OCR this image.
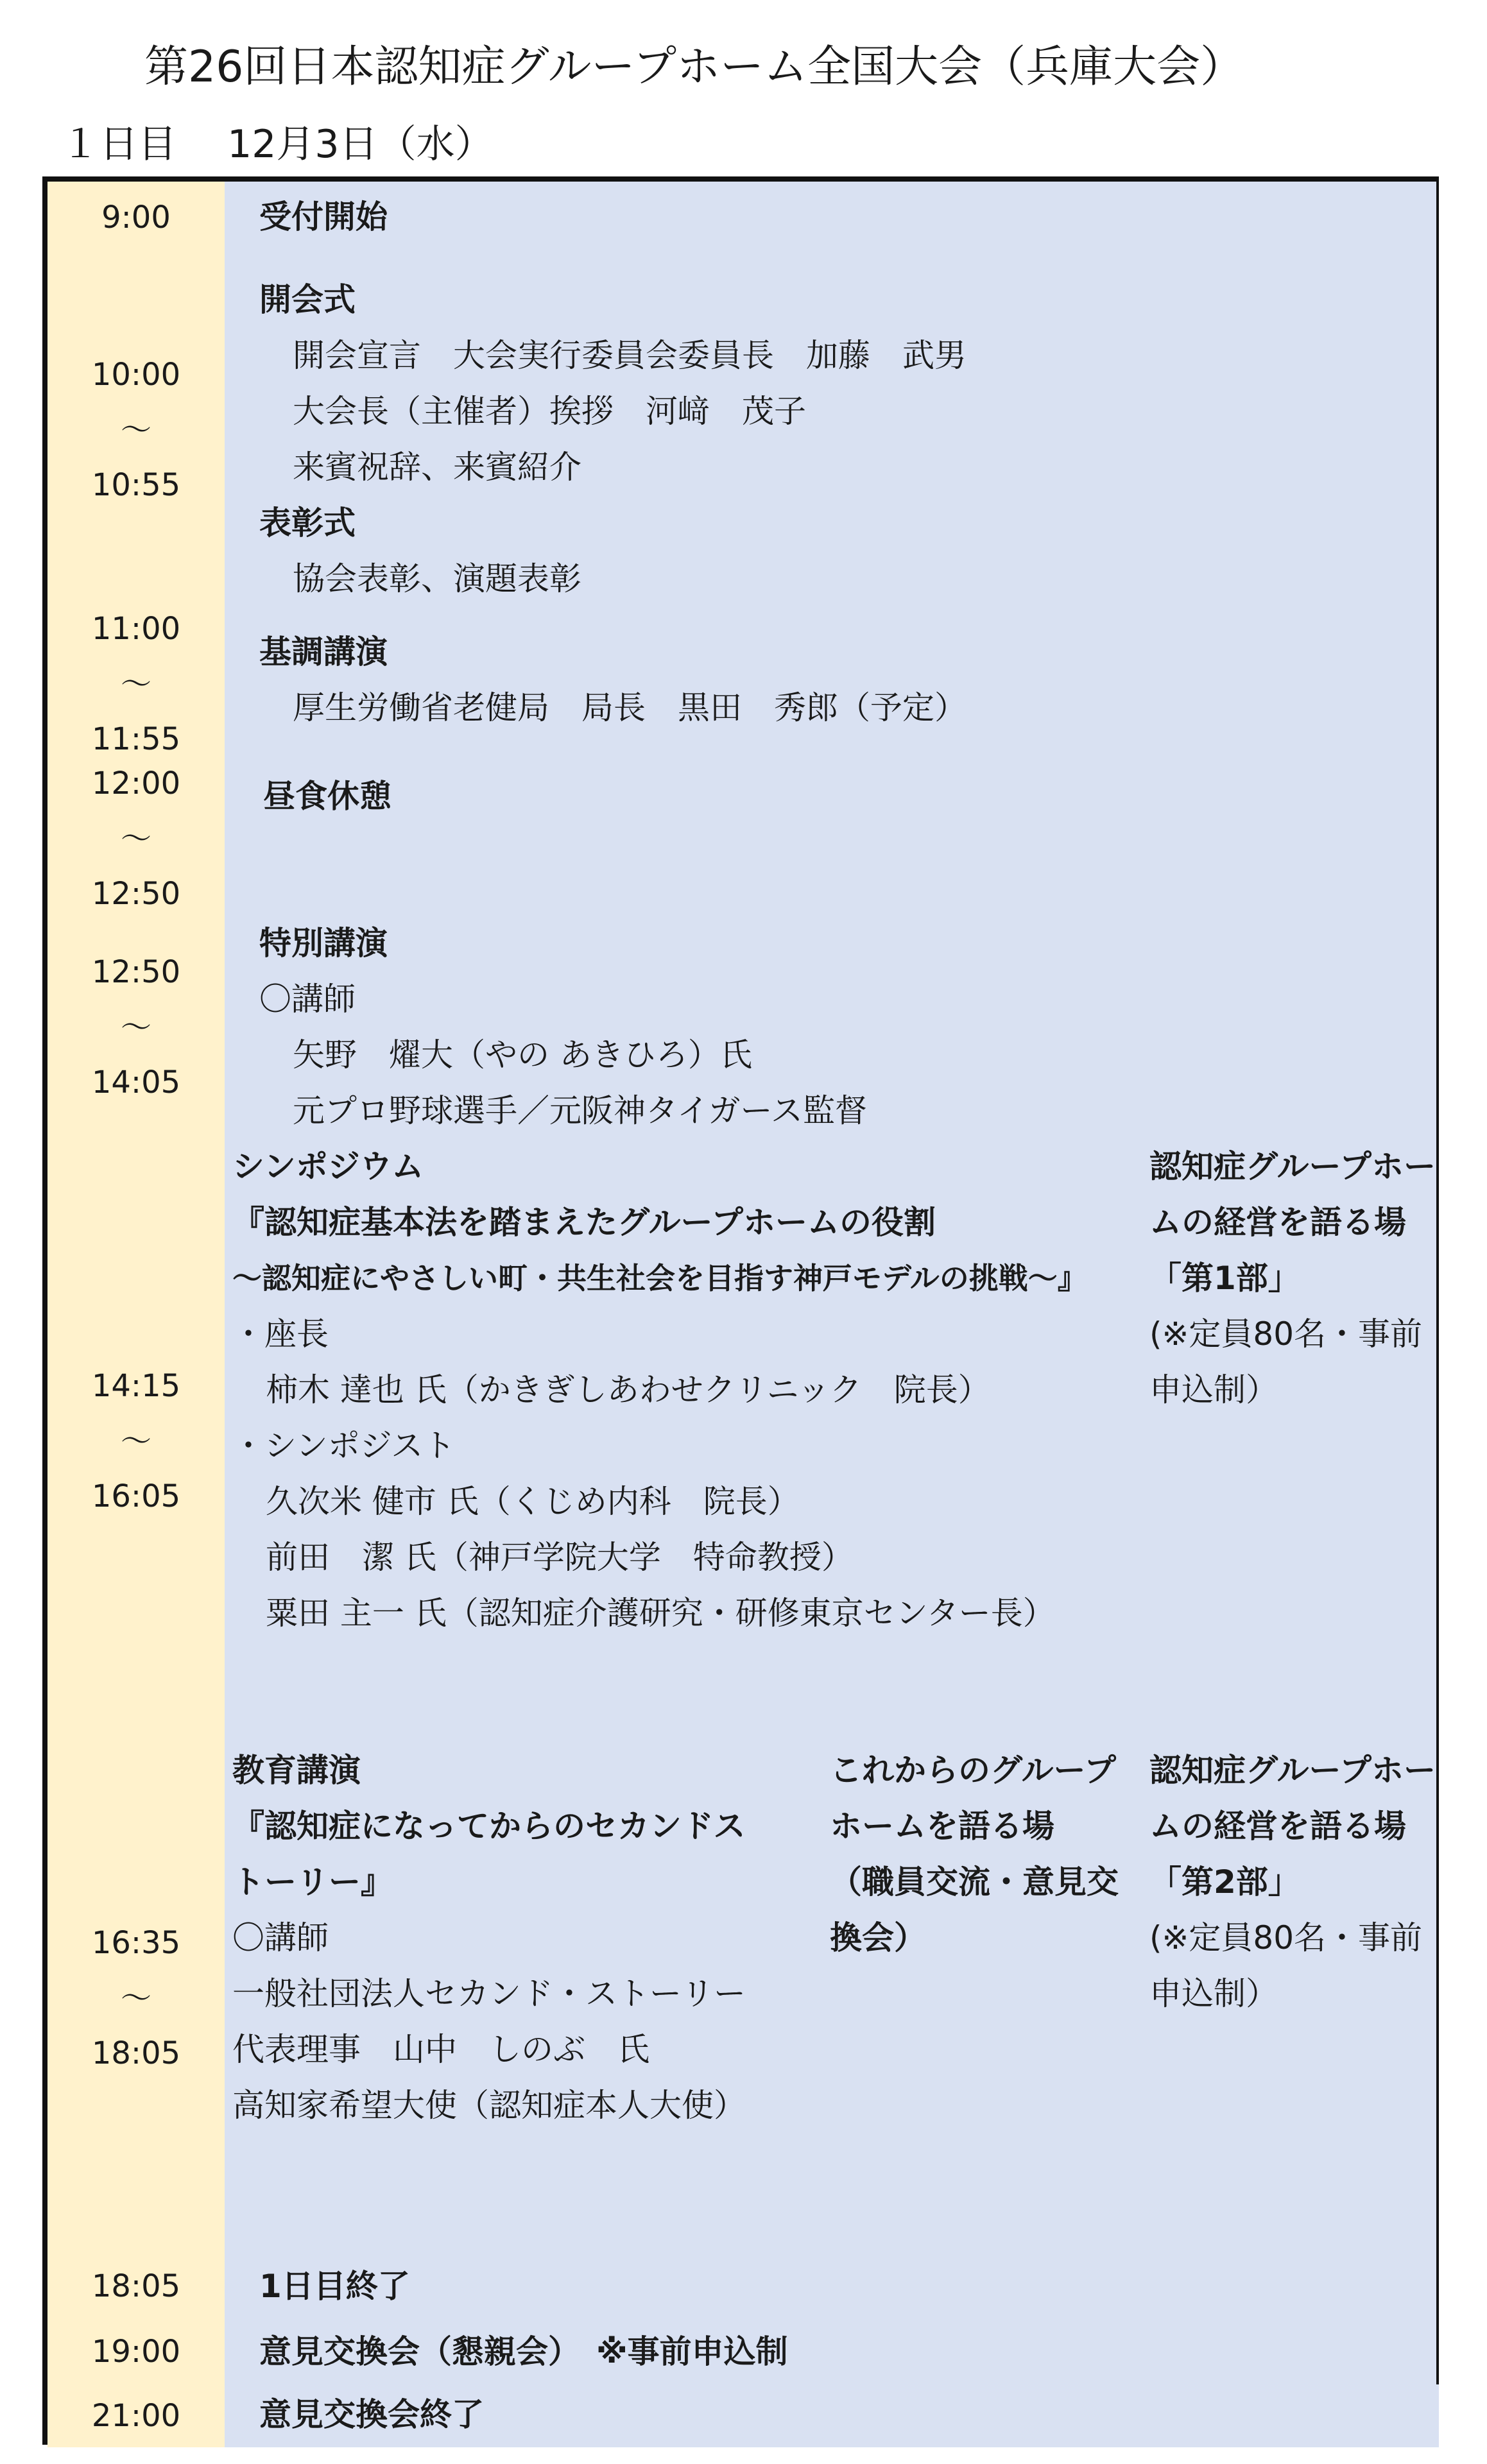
第26回日本認知症グループホーム全国大会（兵庫大会）
１日目　 12月3日（水）
9:00	受付開始
10:00
～
10:55
開会式
開会宣言　大会実行委員会委員長　加藤　武男
大会長（主催者）挨拶　河﨑　茂子
来賓祝辞、来賓紹介
表彰式
協会表彰、演題表彰
11:00
～
11:55
基調講演
厚生労働省老健局　局長　黒田　秀郎（予定）
12:00
～
12:50
昼食休憩
12:50
～
14:05
特別講演
〇講師
矢野　燿大（やの あきひろ）氏
元プロ野球選手／元阪神タイガース監督
14:15
～
16:05
シンポジウム
『認知症基本法を踏まえたグループホームの役割
～認知症にやさしい町・共生社会を目指す神戸モデルの挑戦～』
・座長
柿木 達也 氏（かきぎしあわせクリニック　院長）
・シンポジスト
久次米 健市 氏（くじめ内科　院長）
前田　潔 氏（神戸学院大学　特命教授）
粟田 主一 氏（認知症介護研究・研修東京センター長）
認知症グループホー
ムの経営を語る場
「第1部」
(※定員80名・事前
申込制）
16:35
～
18:05
教育講演
『認知症になってからのセカンドス
トーリー』
〇講師
一般社団法人セカンド・ストーリー
代表理事　山中　しのぶ　氏
高知家希望大使（認知症本人大使）
これからのグループ
ホームを語る場
（職員交流・意見交
換会）
認知症グループホー
ムの経営を語る場
「第2部」
(※定員80名・事前
申込制）
18:05 1日目終了
19:00 意見交換会（懇親会）　※事前申込制
21:00 意見交換会終了
